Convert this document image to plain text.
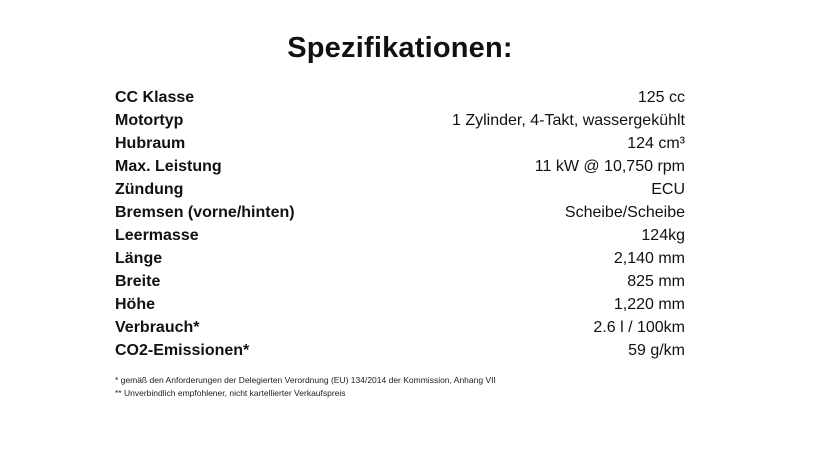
Spezifikationen:
CC Klasse	125 cc
Motortyp	1 Zylinder, 4-Takt, wassergekühlt
Hubraum	124 cm³
Max. Leistung	11 kW @ 10,750 rpm
Zündung	ECU
Bremsen (vorne/hinten)	Scheibe/Scheibe
Leermasse	124kg
Länge	2,140 mm
Breite	825 mm
Höhe	1,220 mm
Verbrauch*	2.6 l / 100km
CO2-Emissionen*	59 g/km
* gemäß den Anforderungen der Delegierten Verordnung (EU) 134/2014 der Kommission, Anhang VII
** Unverbindlich empfohlener, nicht kartellierter Verkaufspreis
